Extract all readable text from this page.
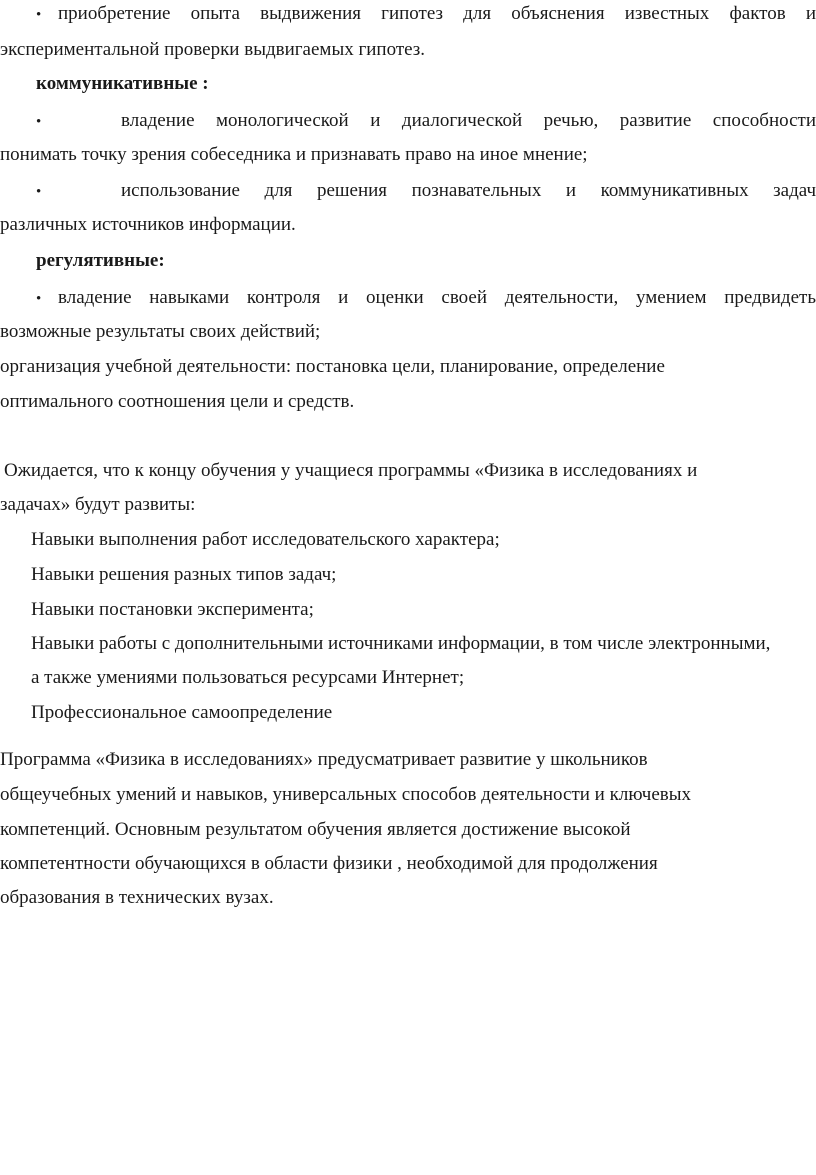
• приобретение опыта выдвижения гипотез для объяснения известных фактов и
экспериментальной проверки выдвигаемых гипотез.
коммуникативные :
•	владение монологической и диалогической речью, развитие способности
понимать точку зрения собеседника и признавать право на иное мнение;
•	использование для решения познавательных и коммуникативных задач
различных источников информации.
регулятивные:
• владение навыками контроля и оценки своей деятельности, умением предвидеть
возможные результаты своих действий;
организация учебной деятельности: постановка цели, планирование, определение
оптимального соотношения цели и средств.
Ожидается, что к концу обучения у учащиеся программы «Физика в исследованиях и
задачах» будут развиты:
Навыки выполнения работ исследовательского характера;
Навыки решения разных типов задач;
Навыки постановки эксперимента;
Навыки работы с дополнительными источниками информации, в том числе электронными,
а также умениями пользоваться ресурсами Интернет;
Профессиональное самоопределение
Программа «Физика в исследованиях» предусматривает развитие у школьников
общеучебных умений и навыков, универсальных способов деятельности и ключевых
компетенций. Основным результатом обучения является достижение высокой
компетентности обучающихся в области физики , необходимой для продолжения
образования в технических вузах.
